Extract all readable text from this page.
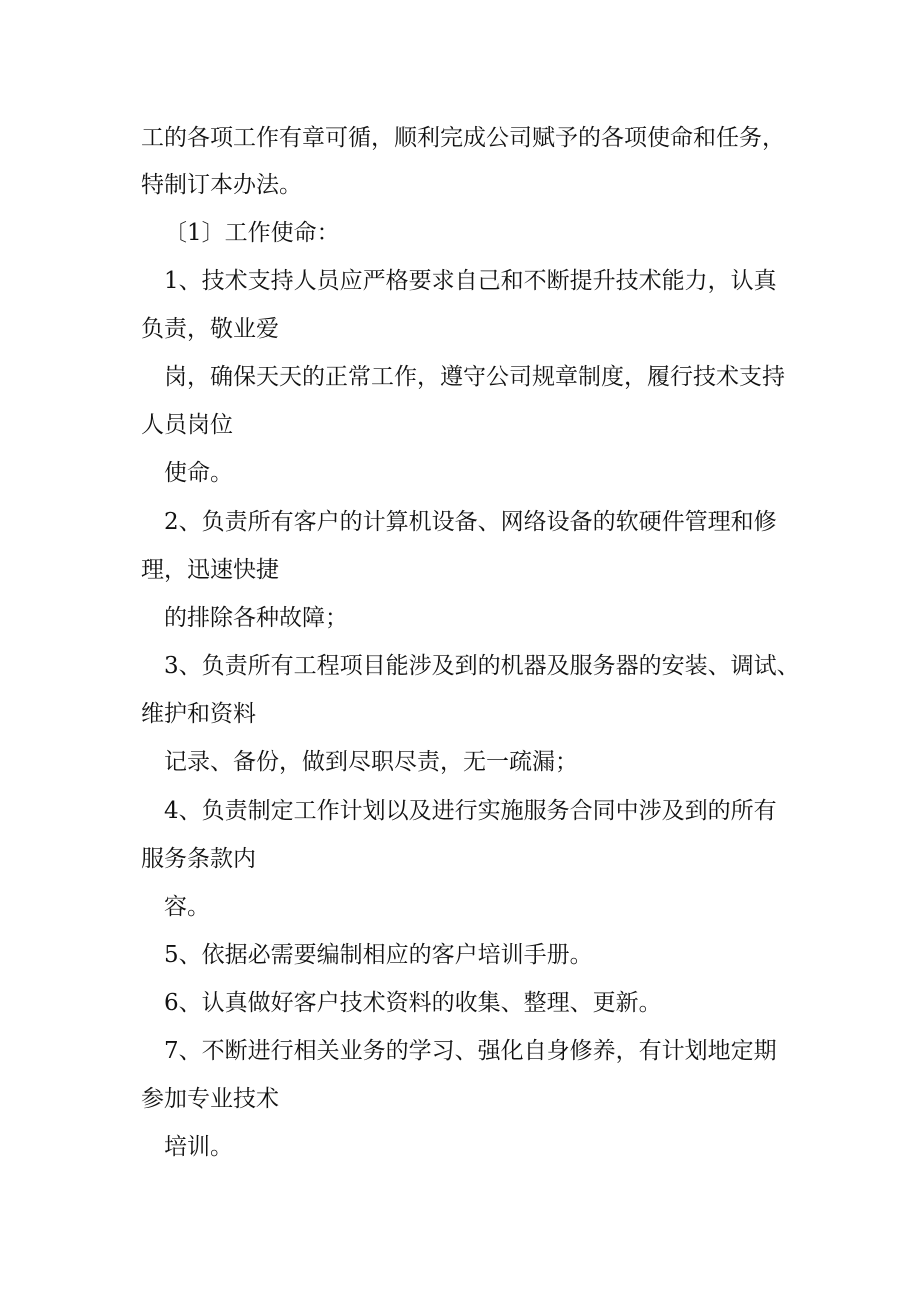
工的各项工作有章可循，顺利完成公司赋予的各项使命和任务，
特制订本办法。
〔1〕工作使命：
1、技术支持人员应严格要求自己和不断提升技术能力，认真
负责，敬业爱
岗，确保天天的正常工作，遵守公司规章制度，履行技术支持
人员岗位
使命。
2、负责所有客户的计算机设备、网络设备的软硬件管理和修
理，迅速快捷
的排除各种故障；
3、负责所有工程项目能涉及到的机器及服务器的安装、调试、
维护和资料
记录、备份，做到尽职尽责，无一疏漏；
4、负责制定工作计划以及进行实施服务合同中涉及到的所有
服务条款内
容。
5、依据必需要编制相应的客户培训手册。
6、认真做好客户技术资料的收集、整理、更新。
7、不断进行相关业务的学习、强化自身修养，有计划地定期
参加专业技术
培训。
